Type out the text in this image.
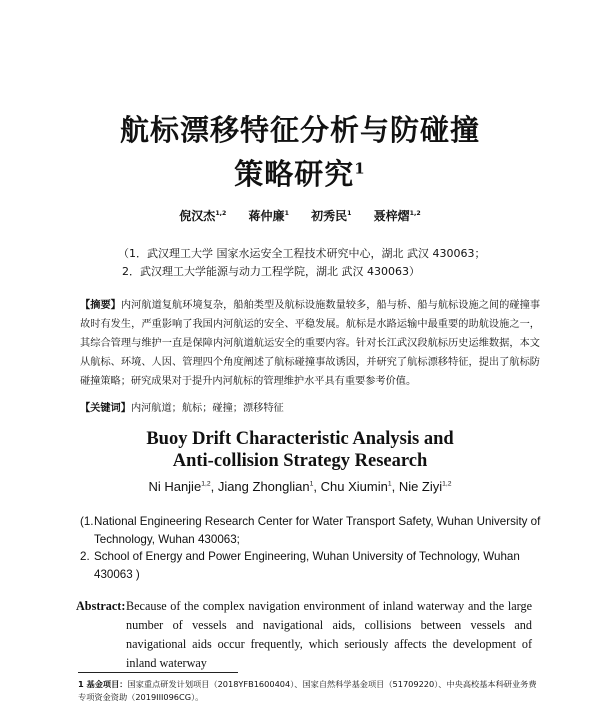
航标漂移特征分析与防碰撞
策略研究$^1$
倪汉杰$^{1,2}$ 蒋仲廉$^1$ 初秀民$^1$ 聂梓熠$^{1,2}$
（1．武汉理工大学 国家水运安全工程技术研究中心，湖北 武汉 430063；
2．武汉理工大学能源与动力工程学院，湖北 武汉 430063）
【摘要】内河航道复航环境复杂，船舶类型及航标设施数量较多，船与桥、船与航标设施之间的碰撞事故时有发生，严重影响了我国内河航运的安全、平稳发展。航标是水路运输中最重要的助航设施之一，其综合管理与维护一直是保障内河航道航运安全的重要内容。针对长江武汉段航标历史运维数据，本文从航标、环境、人因、管理四个角度阐述了航标碰撞事故诱因，并研究了航标漂移特征，提出了航标防碰撞策略；研究成果对于提升内河航标的管理维护水平具有重要参考价值。
【关键词】内河航道；航标；碰撞；漂移特征
Buoy Drift Characteristic Analysis and
Anti-collision Strategy Research
Ni Hanjie$^{1,2}$, Jiang Zhonglian$^1$, Chu Xiumin$^1$, Nie Ziyi$^{1,2}$
(1. National Engineering Research Center for Water Transport Safety, Wuhan University of Technology, Wuhan 430063;
2. School of Energy and Power Engineering, Wuhan University of Technology, Wuhan 430063 )
Abstract: Because of the complex navigation environment of inland waterway and the large number of vessels and navigational aids, collisions between vessels and navigational aids occur frequently, which seriously affects the development of inland waterway
1 基金项目：国家重点研发计划项目（2018YFB1600404）、国家自然科学基金项目（51709220）、中央高校基本科研业务费专项资金资助（2019III096CG）。
